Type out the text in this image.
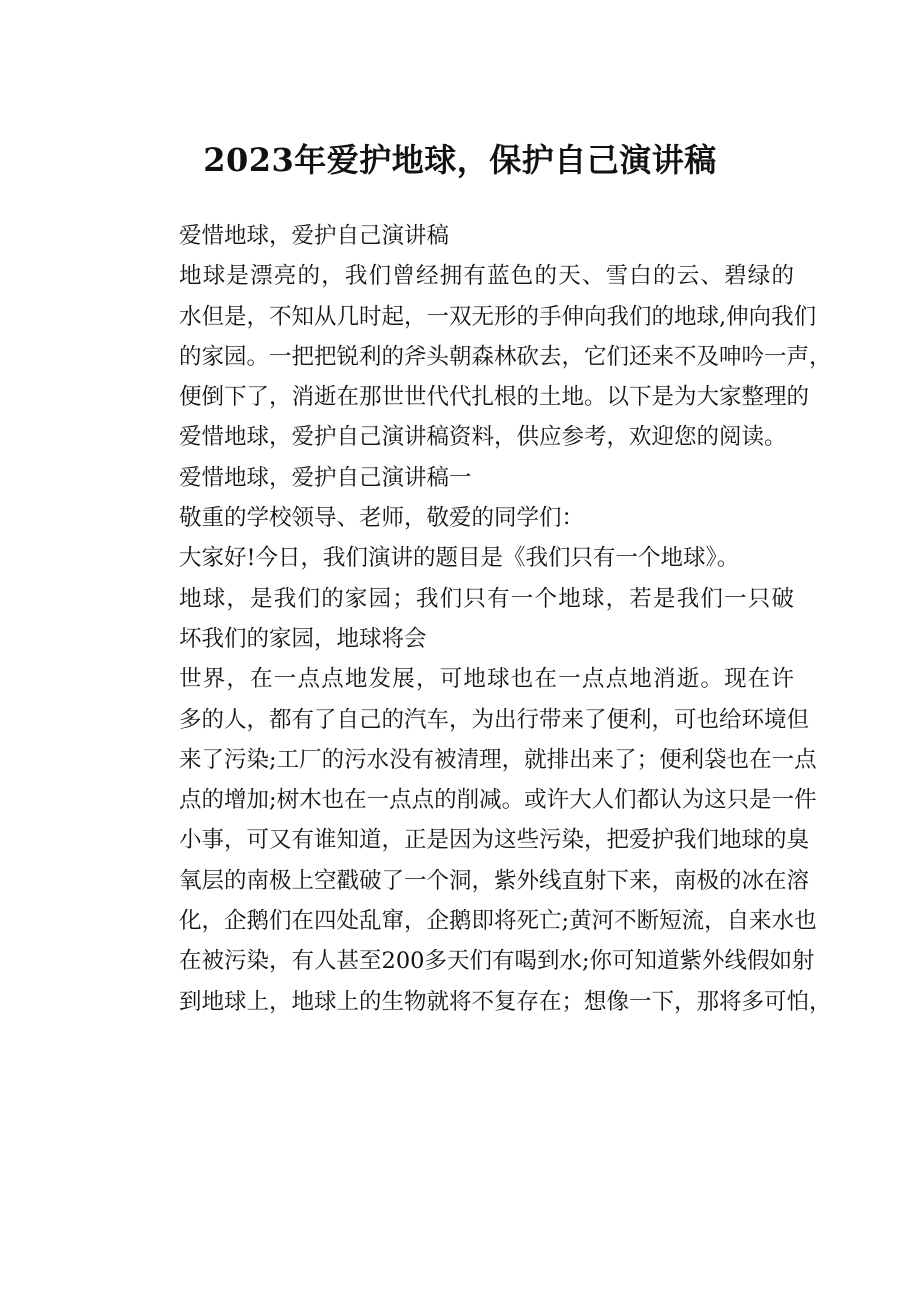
2023年爱护地球，保护自己演讲稿

爱惜地球，爱护自己演讲稿

地球是漂亮的，我们曾经拥有蓝色的天、雪白的云、碧绿的
水但是，不知从几时起，一双无形的手伸向我们的地球,伸向我们
的家园。一把把锐利的斧头朝森林砍去，它们还来不及呻吟一声，
便倒下了，消逝在那世世代代扎根的土地。以下是为大家整理的
爱惜地球，爱护自己演讲稿资料，供应参考，欢迎您的阅读。

爱惜地球，爱护自己演讲稿一

敬重的学校领导、老师，敬爱的同学们：

大家好!今日，我们演讲的题目是《我们只有一个地球》。

地球，是我们的家园；我们只有一个地球，若是我们一只破
坏我们的家园，地球将会

世界，在一点点地发展，可地球也在一点点地消逝。现在许
多的人，都有了自己的汽车，为出行带来了便利，可也给环境但
来了污染;工厂的污水没有被清理，就排出来了；便利袋也在一点
点的增加;树木也在一点点的削减。或许大人们都认为这只是一件
小事，可又有谁知道，正是因为这些污染，把爱护我们地球的臭
氧层的南极上空戳破了一个洞，紫外线直射下来，南极的冰在溶
化，企鹅们在四处乱窜，企鹅即将死亡;黄河不断短流，自来水也
在被污染，有人甚至200多天们有喝到水;你可知道紫外线假如射
到地球上，地球上的生物就将不复存在；想像一下，那将多可怕，
